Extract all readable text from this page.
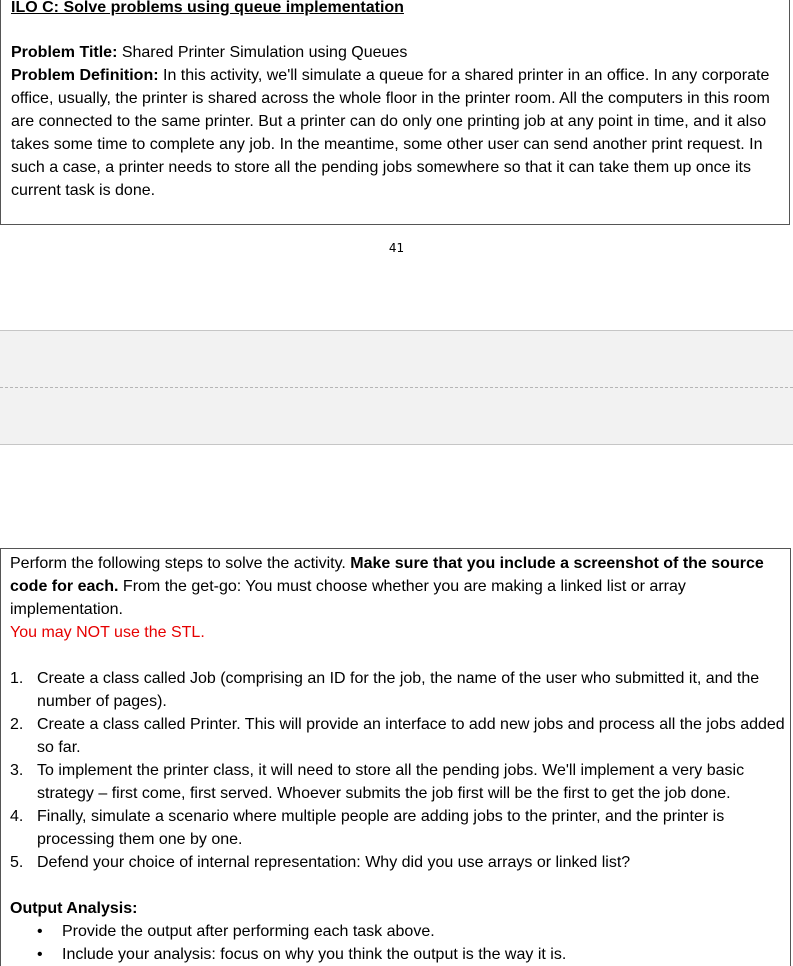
ILO C: Solve problems using queue implementation

Problem Title: Shared Printer Simulation using Queues

Problem Definition: In this activity, we'll simulate a queue for a shared printer in an office. In any corporate office, usually, the printer is shared across the whole floor in the printer room. All the computers in this room are connected to the same printer. But a printer can do only one printing job at any point in time, and it also takes some time to complete any job. In the meantime, some other user can send another print request. In such a case, a printer needs to store all the pending jobs somewhere so that it can take them up once its current task is done.

41

Perform the following steps to solve the activity. Make sure that you include a screenshot of the source code for each. From the get-go: You must choose whether you are making a linked list or array implementation.

You may NOT use the STL.

1. Create a class called Job (comprising an ID for the job, the name of the user who submitted it, and the number of pages).
2. Create a class called Printer. This will provide an interface to add new jobs and process all the jobs added so far.
3. To implement the printer class, it will need to store all the pending jobs. We'll implement a very basic strategy – first come, first served. Whoever submits the job first will be the first to get the job done.
4. Finally, simulate a scenario where multiple people are adding jobs to the printer, and the printer is processing them one by one.
5. Defend your choice of internal representation: Why did you use arrays or linked list?
Output Analysis:
• Provide the output after performing each task above.
• Include your analysis: focus on why you think the output is the way it is.
